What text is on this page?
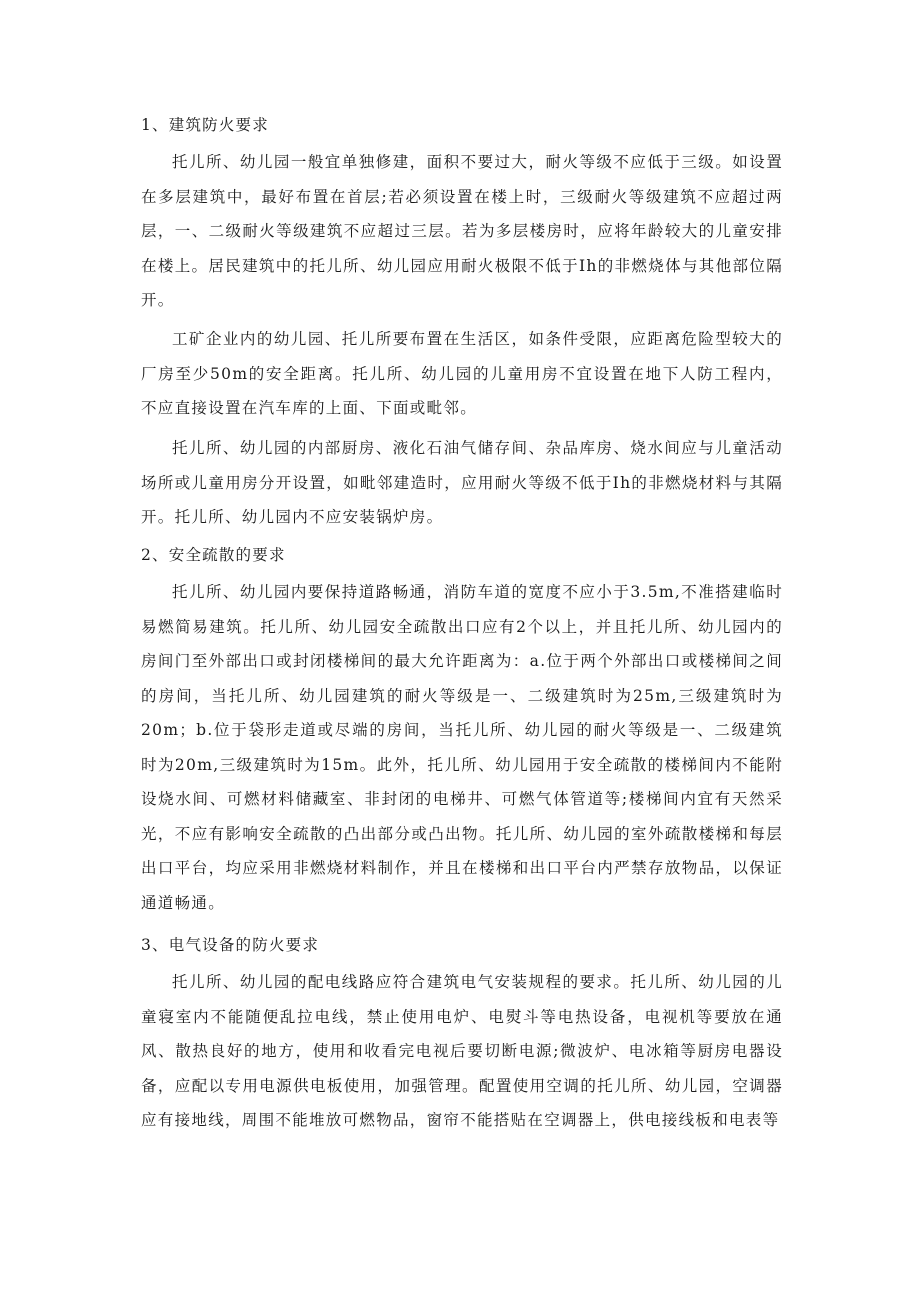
1、建筑防火要求

托儿所、幼儿园一般宜单独修建，面积不要过大，耐火等级不应低于三级。如设置在多层建筑中，最好布置在首层;若必须设置在楼上时，三级耐火等级建筑不应超过两层，一、二级耐火等级建筑不应超过三层。若为多层楼房时，应将年龄较大的儿童安排在楼上。居民建筑中的托儿所、幼儿园应用耐火极限不低于Ih的非燃烧体与其他部位隔开。

工矿企业内的幼儿园、托儿所要布置在生活区，如条件受限，应距离危险型较大的厂房至少50m的安全距离。托儿所、幼儿园的儿童用房不宜设置在地下人防工程内，不应直接设置在汽车库的上面、下面或毗邻。

托儿所、幼儿园的内部厨房、液化石油气储存间、杂品库房、烧水间应与儿童活动场所或儿童用房分开设置，如毗邻建造时，应用耐火等级不低于Ih的非燃烧材料与其隔开。托儿所、幼儿园内不应安装锅炉房。

2、安全疏散的要求

托儿所、幼儿园内要保持道路畅通，消防车道的宽度不应小于3.5m,不准搭建临时易燃简易建筑。托儿所、幼儿园安全疏散出口应有2个以上，并且托儿所、幼儿园内的房间门至外部出口或封闭楼梯间的最大允许距离为：a.位于两个外部出口或楼梯间之间的房间，当托儿所、幼儿园建筑的耐火等级是一、二级建筑时为25m,三级建筑时为20m；b.位于袋形走道或尽端的房间，当托儿所、幼儿园的耐火等级是一、二级建筑时为20m,三级建筑时为15m。此外，托儿所、幼儿园用于安全疏散的楼梯间内不能附设烧水间、可燃材料储藏室、非封闭的电梯井、可燃气体管道等;楼梯间内宜有天然采光，不应有影响安全疏散的凸出部分或凸出物。托儿所、幼儿园的室外疏散楼梯和每层出口平台，均应采用非燃烧材料制作，并且在楼梯和出口平台内严禁存放物品，以保证通道畅通。

3、电气设备的防火要求

托儿所、幼儿园的配电线路应符合建筑电气安装规程的要求。托儿所、幼儿园的儿童寝室内不能随便乱拉电线，禁止使用电炉、电熨斗等电热设备，电视机等要放在通风、散热良好的地方，使用和收看完电视后要切断电源;微波炉、电冰箱等厨房电器设备，应配以专用电源供电板使用，加强管理。配置使用空调的托儿所、幼儿园，空调器应有接地线，周围不能堆放可燃物品，窗帘不能搭贴在空调器上，供电接线板和电表等
